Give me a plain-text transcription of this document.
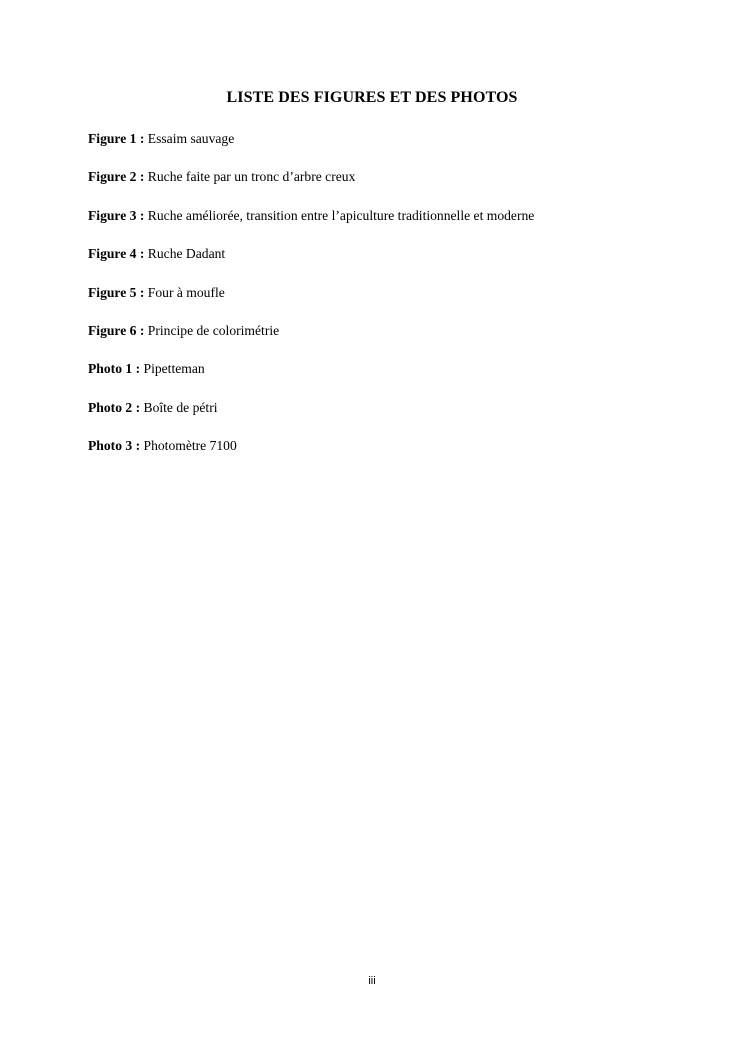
LISTE DES FIGURES ET DES PHOTOS
Figure 1 : Essaim sauvage
Figure 2 : Ruche faite par un tronc d’arbre creux
Figure 3 : Ruche améliorée, transition entre l’apiculture traditionnelle et moderne
Figure 4 : Ruche Dadant
Figure 5 : Four à moufle
Figure 6 : Principe de colorimétrie
Photo 1 : Pipetteman
Photo 2 : Boîte de pétri
Photo 3 : Photomètre 7100
iii
